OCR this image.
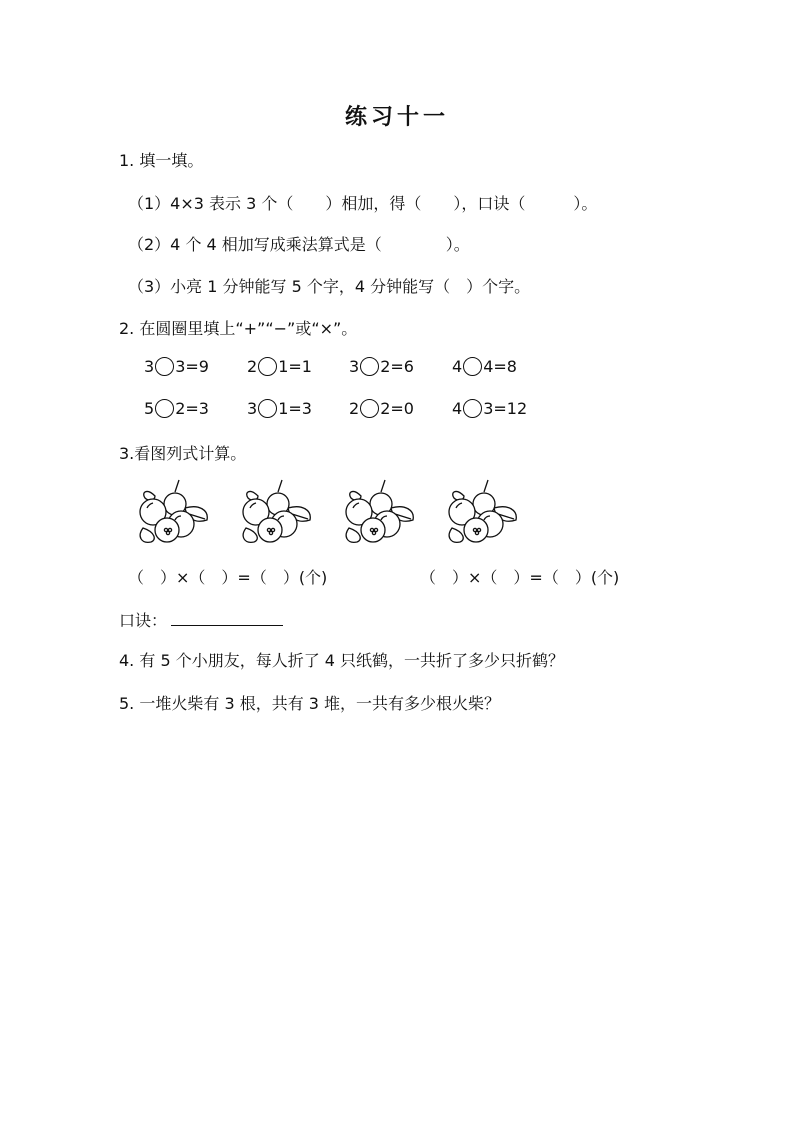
练习十一
1. 填一填。
（1）4×3 表示 3 个（　　）相加，得（　　），口诀（　　　）。
（2）4 个 4 相加写成乘法算式是（　　　　）。
（3）小亮 1 分钟能写 5 个字，4 分钟能写（　）个字。
2. 在圆圈里填上“+”“−”或“×”。
3 3=9 2 1=1 3 2=6 4 4=8
5 2=3 3 1=3 2 2=0 4 3=12
3.看图列式计算。
（　）×（　）=（　）(个)	（　）×（　）=（　）(个)
口诀：
4. 有 5 个小朋友，每人折了 4 只纸鹤，一共折了多少只折鹤？
5. 一堆火柴有 3 根，共有 3 堆，一共有多少根火柴？
